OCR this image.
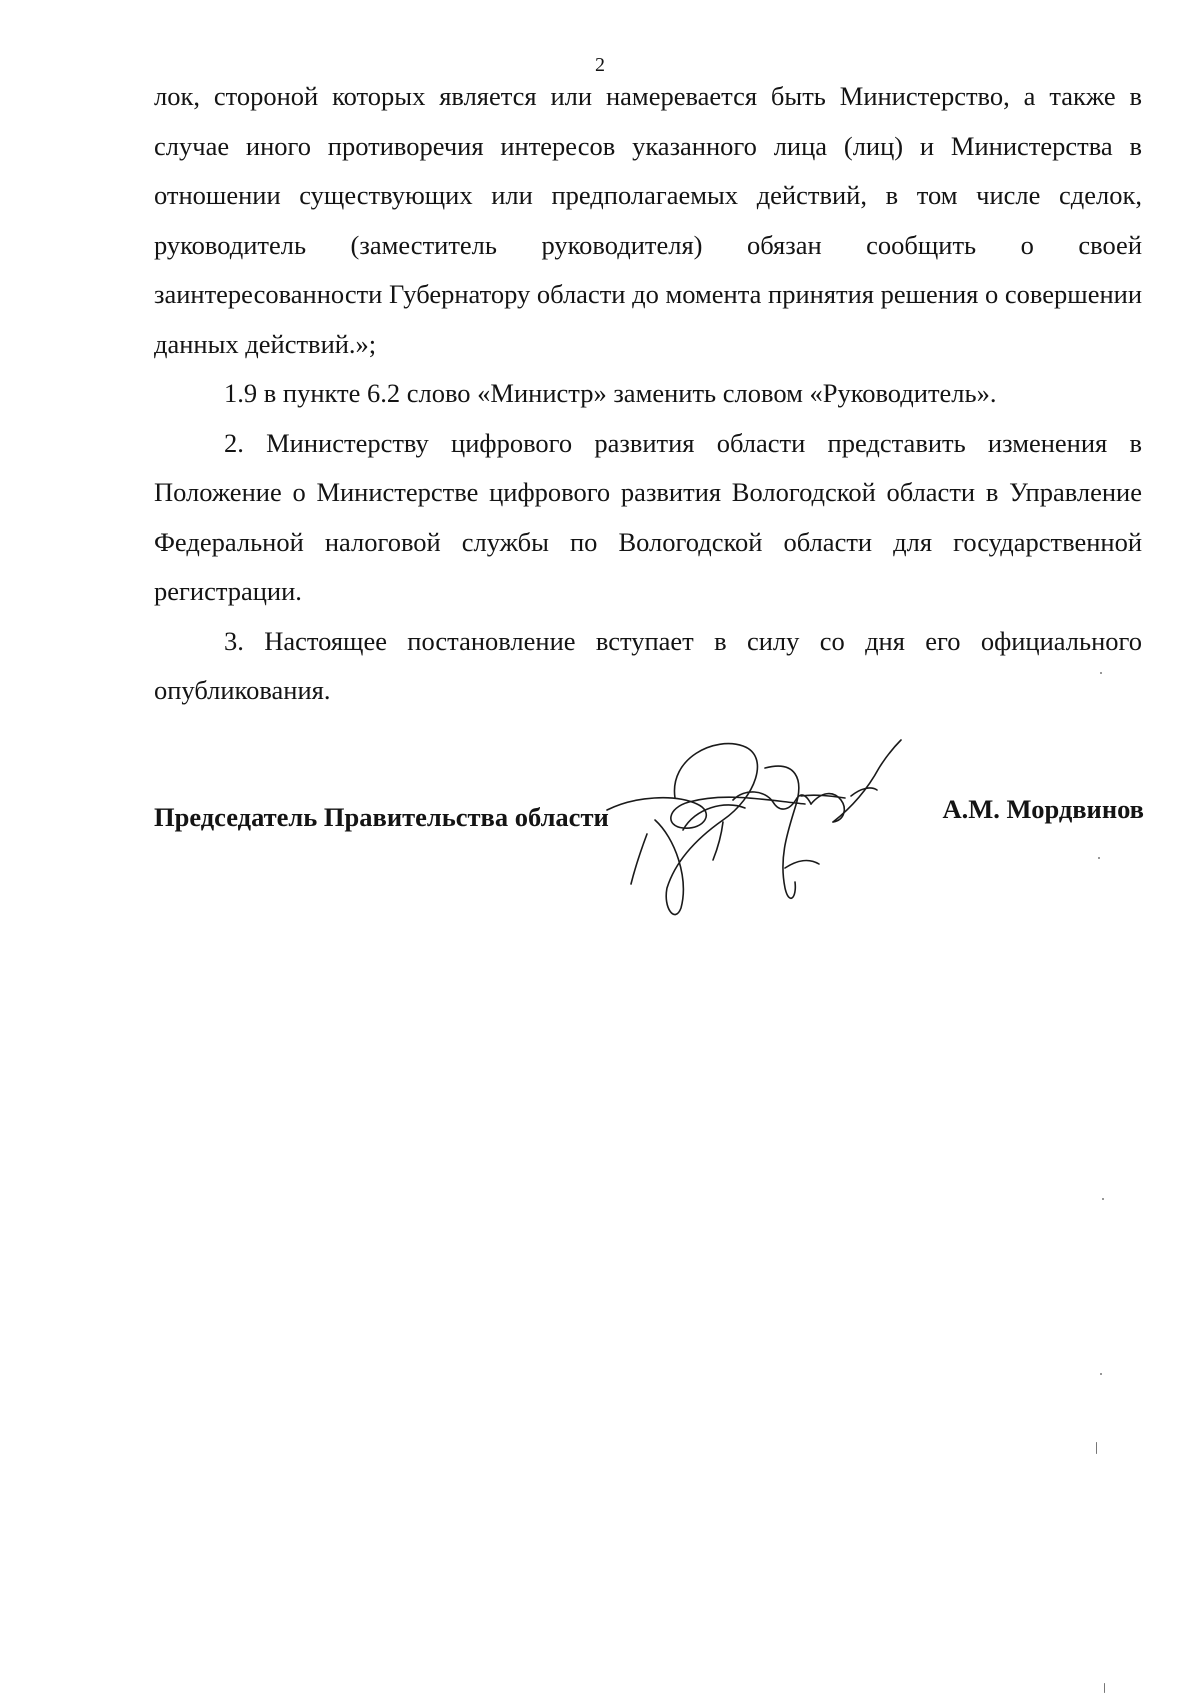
2

лок, стороной которых является или намеревается быть Министерство, а также в случае иного противоречия интересов указанного лица (лиц) и Министерства в отношении существующих или предполагаемых действий, в том числе сделок, руководитель (заместитель руководителя) обязан сообщить о своей заинтересованности Губернатору области до момента принятия решения о совершении данных действий.»;

1.9 в пункте 6.2 слово «Министр» заменить словом «Руководитель».

2. Министерству цифрового развития области представить изменения в Положение о Министерстве цифрового развития Вологодской области в Управление Федеральной налоговой службы по Вологодской области для государственной регистрации.

3. Настоящее постановление вступает в силу со дня его официального опубликования.

Председатель Правительства области	А.М. Мордвинов
